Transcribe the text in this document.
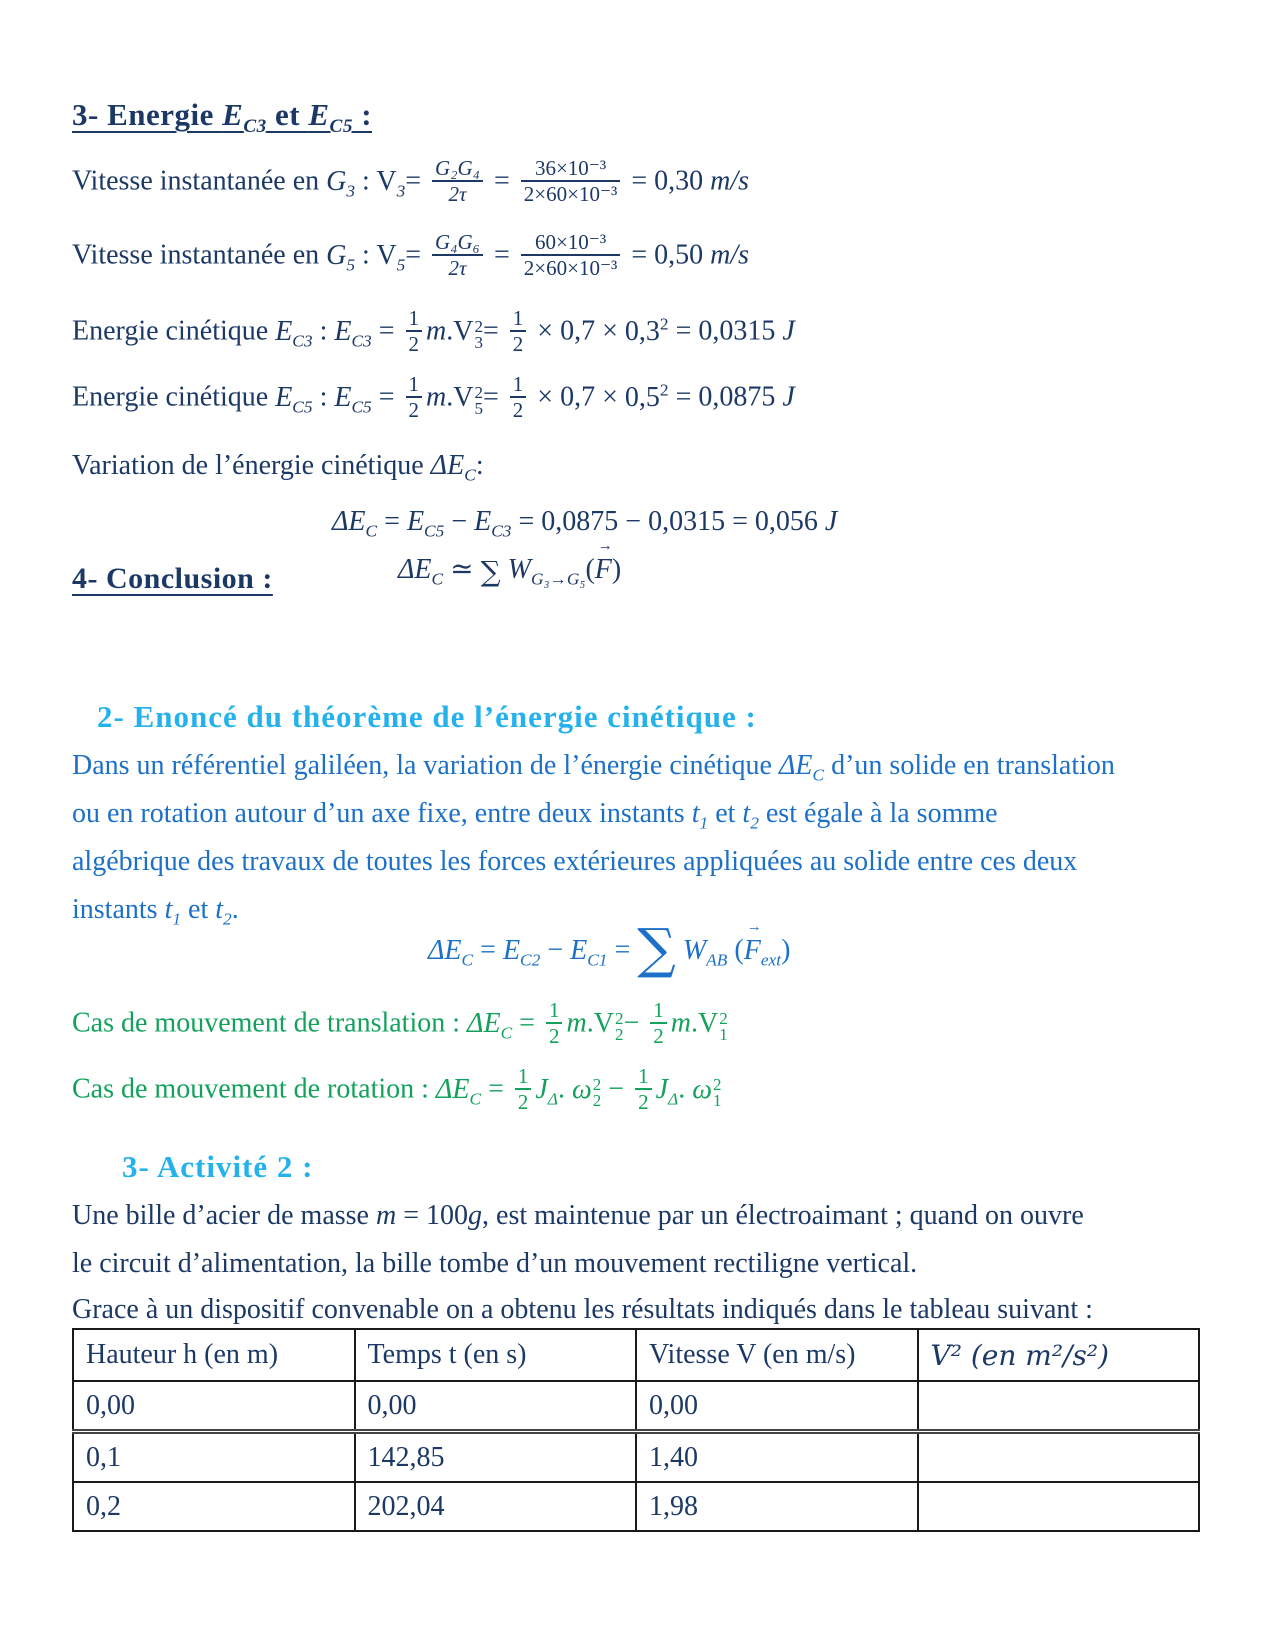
3- Energie $E_{C3}$ et $E_{C5}$ :
Vitesse instantanée en $G_3$ : $V_3= \frac{\text{G₂G₄}}{2\tau} = \frac{\text{36×10⁻³}}{\text{2×60×10⁻³}} = 0,30$ m/s
Vitesse instantanée en $G_5$ : $V_5= \frac{\text{G₄G₆}}{2\tau} = \frac{\text{60×10⁻³}}{\text{2×60×10⁻³}} = 0,50$ m/s
Energie cinétique $E_{C3}$ : $E_{C3} = \frac{1}{2} m.V$ 2
$3 = \frac{1}{2} \times 0,7 \times 0,3^2 = 0,0315$ J
Energie cinétique $E_{C5}$ : $E_{C5} = \frac{1}{2} m.V$ 2
$5 = \frac{1}{2} \times 0,7 \times 0,5^2 = 0,0875$ J
Variation de l’énergie cinétique $\Delta E_C$:
$\Delta E_C = E_{C5} - E_{C3} = 0,0875 - 0,0315 = 0,056$ J
4- Conclusion :	$\Delta E_C$ ≃ ∑ $W_{G_3\to G_5}$(
→
F)
2- Enoncé du théorème de l’énergie cinétique :
Dans un référentiel galiléen, la variation de l’énergie cinétique $\Delta E_C$ d’un solide en translation
ou en rotation autour d’un axe fixe, entre deux instants $t_1$ et $t_2$ est égale à la somme
algébrique des travaux de toutes les forces extérieures appliquées au solide entre ces deux
instants $t_1$ et $t_2$.
$\Delta E_C = E_{C2} - E_{C1}$ = ∑ $W_{AB}$ (
→
$F_{ext}$)
Cas de mouvement de translation : $\Delta E_C = \frac{1}{2} m.V$ 2
$2 - \frac{1}{2} m.V$ 2
1
Cas de mouvement de rotation : $\Delta E_C = \frac{1}{2} J_\Delta$. ω 2
$2 - \frac{1}{2} J_\Delta$. ω 2
1
3- Activité 2 :
Une bille d’acier de masse m = 100g, est maintenue par un électroaimant ; quand on ouvre
le circuit d’alimentation, la bille tombe d’un mouvement rectiligne vertical.
Grace à un dispositif convenable on a obtenu les résultats indiqués dans le tableau suivant :
Hauteur h (en m)	Temps t (en s)	Vitesse V (en m/s)	V² (en m²/s²)
0,00	0,00	0,00	
0,1	142,85	1,40	
0,2	202,04	1,98	
